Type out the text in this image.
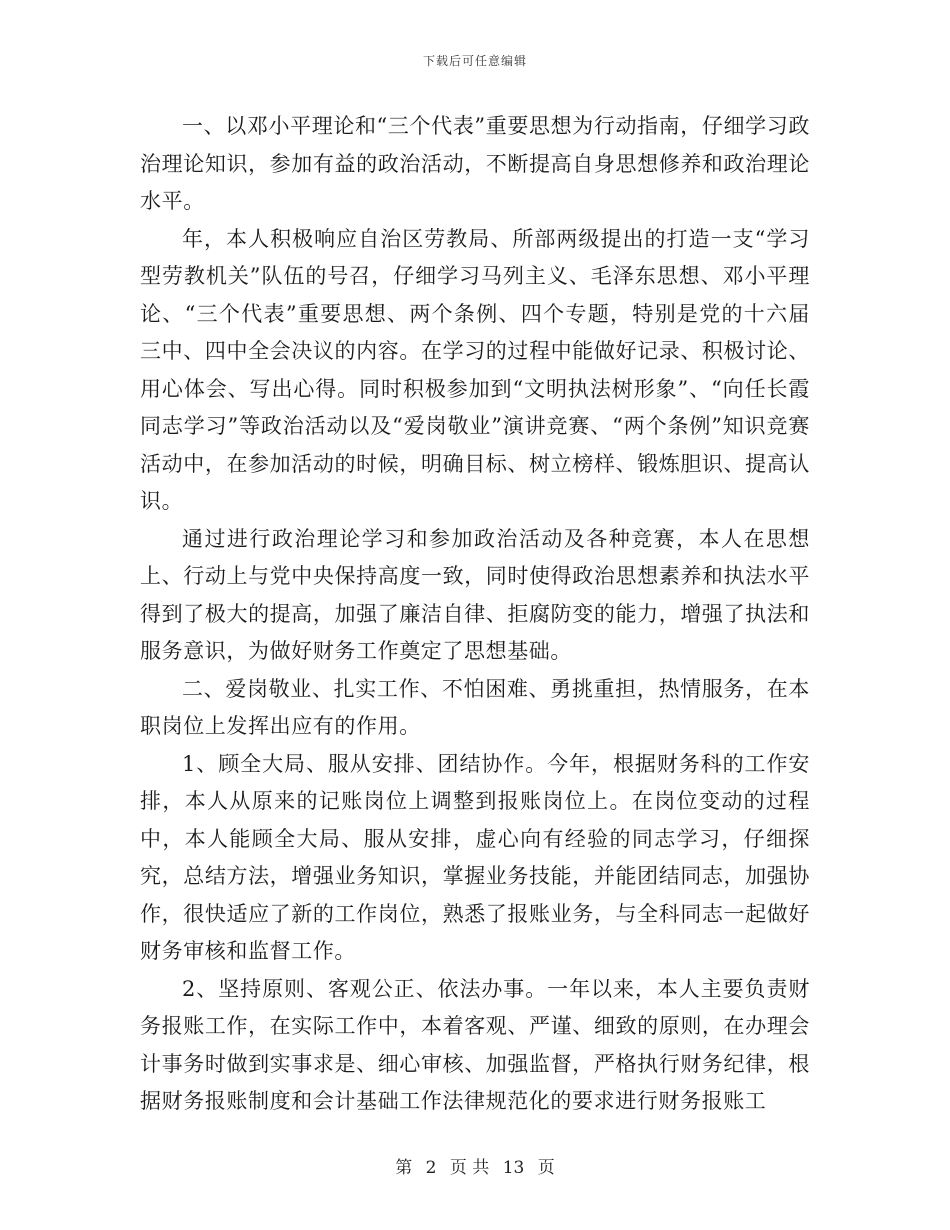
下载后可任意编辑

一、以邓小平理论和“三个代表”重要思想为行动指南，仔细学习政治理论知识，参加有益的政治活动，不断提高自身思想修养和政治理论水平。

年，本人积极响应自治区劳教局、所部两级提出的打造一支“学习型劳教机关”队伍的号召，仔细学习马列主义、毛泽东思想、邓小平理论、“三个代表”重要思想、两个条例、四个专题，特别是党的十六届三中、四中全会决议的内容。在学习的过程中能做好记录、积极讨论、用心体会、写出心得。同时积极参加到“文明执法树形象”、“向任长霞同志学习”等政治活动以及“爱岗敬业”演讲竞赛、“两个条例”知识竞赛活动中，在参加活动的时候，明确目标、树立榜样、锻炼胆识、提高认识。

通过进行政治理论学习和参加政治活动及各种竞赛，本人在思想上、行动上与党中央保持高度一致，同时使得政治思想素养和执法水平得到了极大的提高，加强了廉洁自律、拒腐防变的能力，增强了执法和服务意识，为做好财务工作奠定了思想基础。

二、爱岗敬业、扎实工作、不怕困难、勇挑重担，热情服务，在本职岗位上发挥出应有的作用。

1、顾全大局、服从安排、团结协作。今年，根据财务科的工作安排，本人从原来的记账岗位上调整到报账岗位上。在岗位变动的过程中，本人能顾全大局、服从安排，虚心向有经验的同志学习，仔细探究，总结方法，增强业务知识，掌握业务技能，并能团结同志，加强协作，很快适应了新的工作岗位，熟悉了报账业务，与全科同志一起做好财务审核和监督工作。

2、坚持原则、客观公正、依法办事。一年以来，本人主要负责财务报账工作，在实际工作中，本着客观、严谨、细致的原则，在办理会计事务时做到实事求是、细心审核、加强监督，严格执行财务纪律，根据财务报账制度和会计基础工作法律规范化的要求进行财务报账工

第 2 页 共 13 页
